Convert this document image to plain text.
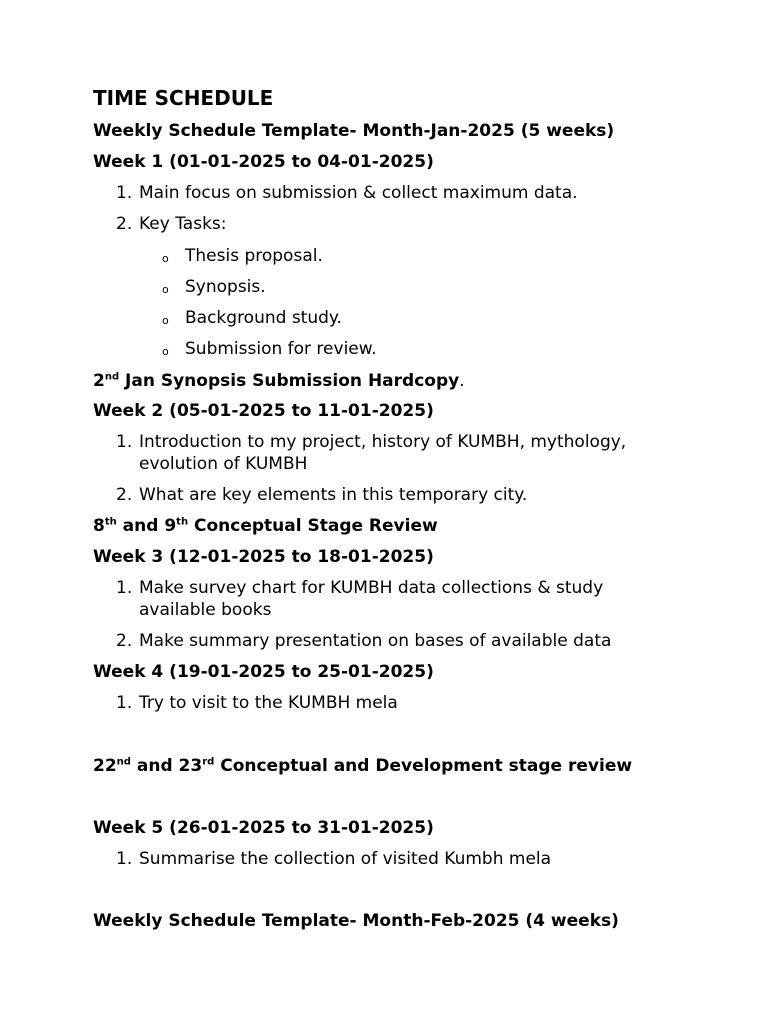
TIME SCHEDULE
Weekly Schedule Template- Month-Jan-2025 (5 weeks)
Week 1 (01-01-2025 to 04-01-2025)
1. Main focus on submission & collect maximum data.
2. Key Tasks:
o Thesis proposal.
o Synopsis.
o Background study.
o Submission for review.
2nd Jan Synopsis Submission Hardcopy.
Week 2 (05-01-2025 to 11-01-2025)
1. Introduction to my project, history of KUMBH, mythology, evolution of KUMBH
2. What are key elements in this temporary city.
8th and 9th Conceptual Stage Review
Week 3 (12-01-2025 to 18-01-2025)
1. Make survey chart for KUMBH data collections & study available books
2. Make summary presentation on bases of available data
Week 4 (19-01-2025 to 25-01-2025)
1. Try to visit to the KUMBH mela
22nd and 23rd Conceptual and Development stage review
Week 5 (26-01-2025 to 31-01-2025)
1. Summarise the collection of visited Kumbh mela
Weekly Schedule Template- Month-Feb-2025 (4 weeks)
